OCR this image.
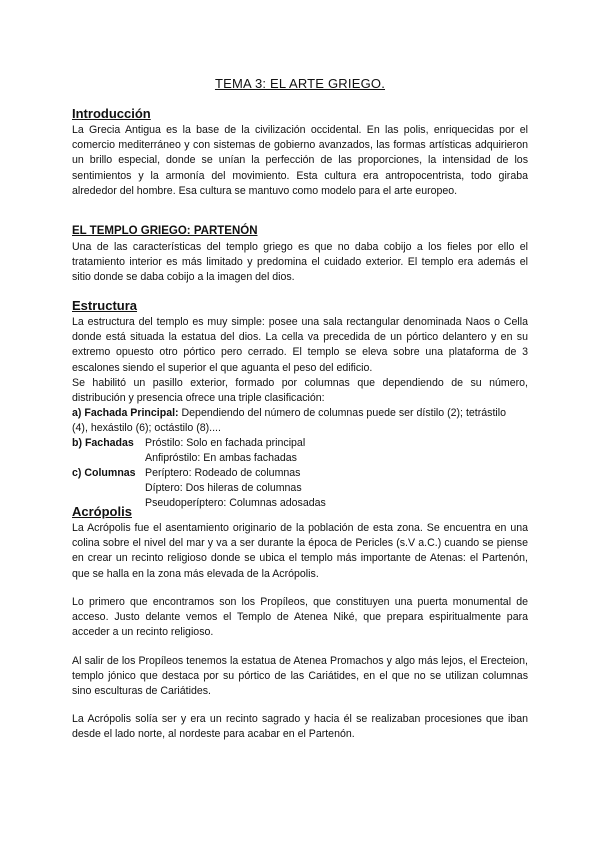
TEMA 3: EL ARTE GRIEGO.
Introducción

La Grecia Antigua es la base de la civilización occidental. En las polis, enriquecidas por el comercio mediterráneo y con sistemas de gobierno avanzados, las formas artísticas adquirieron un brillo especial, donde se unían la perfección de las proporciones, la intensidad de los sentimientos y la armonía del movimiento. Esta cultura era antropocentrista, todo giraba alrededor del hombre. Esa cultura se mantuvo como modelo para el arte europeo.

EL TEMPLO GRIEGO: PARTENÓN

Una de las características del templo griego es que no daba cobijo a los fieles por ello el tratamiento interior es más limitado y predomina el cuidado exterior. El templo era además el sitio donde se daba cobijo a la imagen del dios.

Estructura

La estructura del templo es muy simple: posee una sala rectangular denominada Naos o Cella donde está situada la estatua del dios. La cella va precedida de un pórtico delantero y en su extremo opuesto otro pórtico pero cerrado. El templo se eleva sobre una plataforma de 3 escalones siendo el superior el que aguanta el peso del edificio.

Se habilitó un pasillo exterior, formado por columnas que dependiendo de su número, distribución y presencia ofrece una triple clasificación:

a) Fachada Principal: Dependiendo del número de columnas puede ser dístilo (2); tetrástilo
(4), hexástilo (6); octástilo (8)....
b) Fachadas Próstilo: Solo en fachada principal
Anfipróstilo: En ambas fachadas
c) Columnas Períptero: Rodeado de columnas
Díptero: Dos hileras de columnas
Pseudoperíptero: Columnas adosadas
Acrópolis

La Acrópolis fue el asentamiento originario de la población de esta zona. Se encuentra en una colina sobre el nivel del mar y va a ser durante la época de Pericles (s.V a.C.) cuando se piense en crear un recinto religioso donde se ubica el templo más importante de Atenas: el Partenón, que se halla en la zona más elevada de la Acrópolis.

Lo primero que encontramos son los Propíleos, que constituyen una puerta monumental de acceso. Justo delante vemos el Templo de Atenea Niké, que prepara espiritualmente para acceder a un recinto religioso.

Al salir de los Propíleos tenemos la estatua de Atenea Promachos y algo más lejos, el Erecteion, templo jónico que destaca por su pórtico de las Cariátides, en el que no se utilizan columnas sino esculturas de Cariátides.

La Acrópolis solía ser y era un recinto sagrado y hacia él se realizaban procesiones que iban desde el lado norte, al nordeste para acabar en el Partenón.
